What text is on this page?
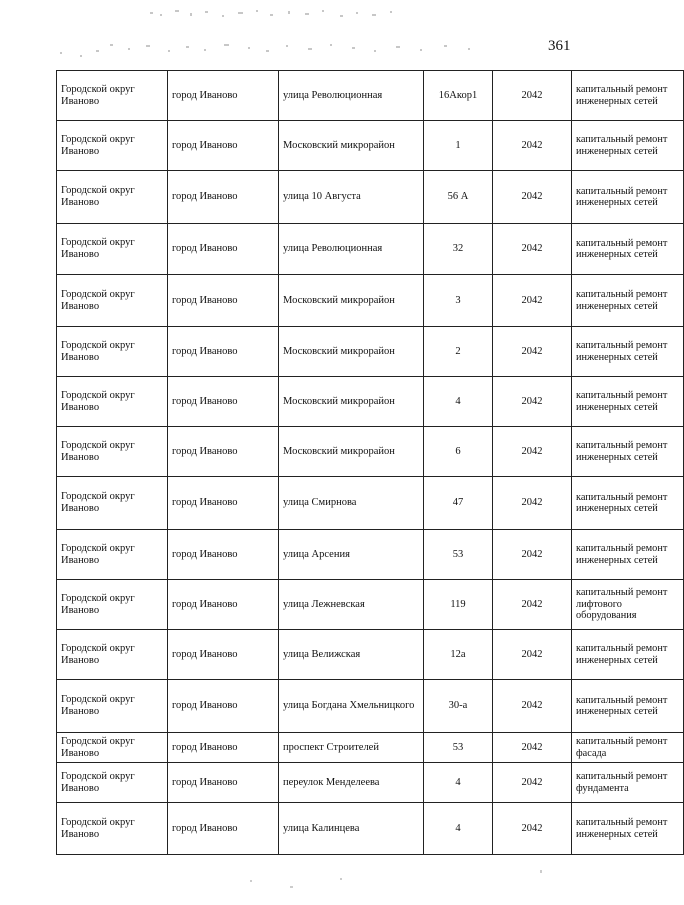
361
Городской округ Иваново	город Иваново	улица Революционная	16Акор1	2042	капитальный ремонт инженерных сетей
Городской округ Иваново	город Иваново	Московский микрорайон	1	2042	капитальный ремонт инженерных сетей
Городской округ Иваново	город Иваново	улица 10 Августа	56 А	2042	капитальный ремонт инженерных сетей
Городской округ Иваново	город Иваново	улица Революционная	32	2042	капитальный ремонт инженерных сетей
Городской округ Иваново	город Иваново	Московский микрорайон	3	2042	капитальный ремонт инженерных сетей
Городской округ Иваново	город Иваново	Московский микрорайон	2	2042	капитальный ремонт инженерных сетей
Городской округ Иваново	город Иваново	Московский микрорайон	4	2042	капитальный ремонт инженерных сетей
Городской округ Иваново	город Иваново	Московский микрорайон	6	2042	капитальный ремонт инженерных сетей
Городской округ Иваново	город Иваново	улица Смирнова	47	2042	капитальный ремонт инженерных сетей
Городской округ Иваново	город Иваново	улица Арсения	53	2042	капитальный ремонт инженерных сетей
Городской округ Иваново	город Иваново	улица Лежневская	119	2042	капитальный ремонт лифтового оборудования
Городской округ Иваново	город Иваново	улица Велижская	12а	2042	капитальный ремонт инженерных сетей
Городской округ Иваново	город Иваново	улица Богдана Хмельницкого	30-а	2042	капитальный ремонт инженерных сетей
Городской округ Иваново	город Иваново	проспект Строителей	53	2042	капитальный ремонт фасада
Городской округ Иваново	город Иваново	переулок Менделеева	4	2042	капитальный ремонт фундамента
Городской округ Иваново	город Иваново	улица Калинцева	4	2042	капитальный ремонт инженерных сетей
